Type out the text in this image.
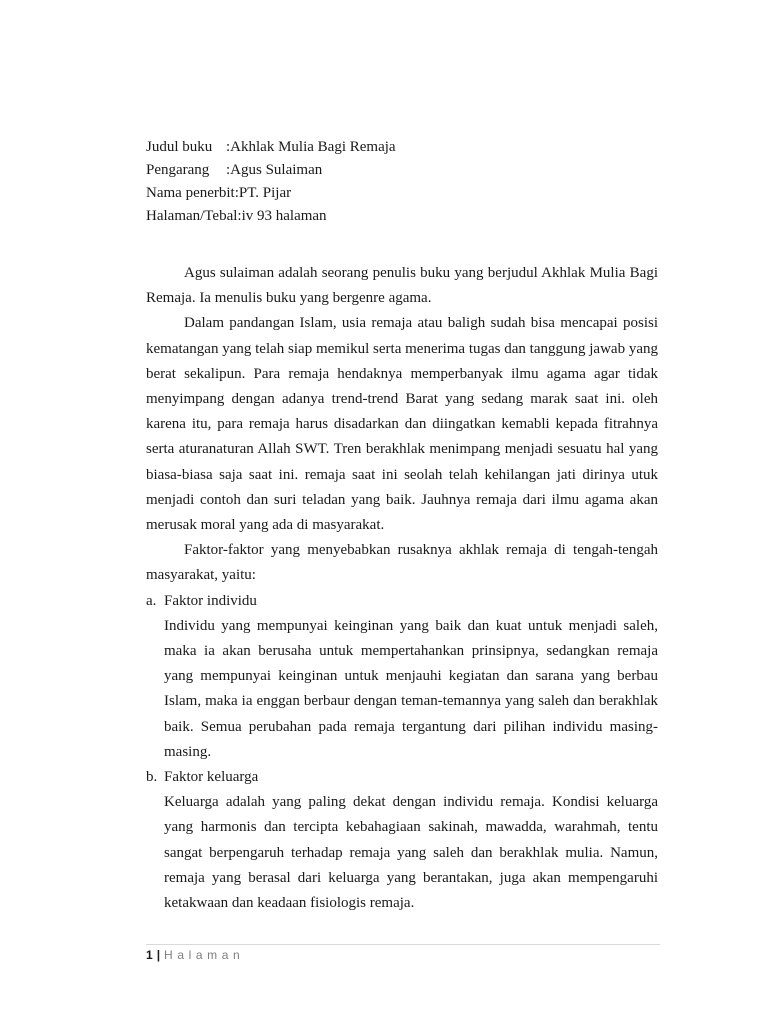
Judul buku :Akhlak Mulia Bagi Remaja
Pengarang :Agus Sulaiman
Nama penerbit:PT. Pijar
Halaman/Tebal:iv 93 halaman

Agus sulaiman adalah seorang penulis buku yang berjudul Akhlak Mulia Bagi Remaja. Ia menulis buku yang bergenre agama.

Dalam pandangan Islam, usia remaja atau baligh sudah bisa mencapai posisi kematangan yang telah siap memikul serta menerima tugas dan tanggung jawab yang berat sekalipun. Para remaja hendaknya memperbanyak ilmu agama agar tidak menyimpang dengan adanya trend-trend Barat yang sedang marak saat ini. oleh karena itu, para remaja harus disadarkan dan diingatkan kemabli kepada fitrahnya serta aturanaturan Allah SWT. Tren berakhlak menimpang menjadi sesuatu hal yang biasa-biasa saja saat ini. remaja saat ini seolah telah kehilangan jati dirinya utuk menjadi contoh dan suri teladan yang baik. Jauhnya remaja dari ilmu agama akan merusak moral yang ada di masyarakat.

Faktor-faktor yang menyebabkan rusaknya akhlak remaja di tengah-tengah masyarakat, yaitu:

a. Faktor individu

Individu yang mempunyai keinginan yang baik dan kuat untuk menjadi saleh, maka ia akan berusaha untuk mempertahankan prinsipnya, sedangkan remaja yang mempunyai keinginan untuk menjauhi kegiatan dan sarana yang berbau Islam, maka ia enggan berbaur dengan teman-temannya yang saleh dan berakhlak baik. Semua perubahan pada remaja tergantung dari pilihan individu masing-masing.

b. Faktor keluarga

Keluarga adalah yang paling dekat dengan individu remaja. Kondisi keluarga yang harmonis dan tercipta kebahagiaan sakinah, mawadda, warahmah, tentu sangat berpengaruh terhadap remaja yang saleh dan berakhlak mulia. Namun, remaja yang berasal dari keluarga yang berantakan, juga akan mempengaruhi ketakwaan dan keadaan fisiologis remaja.

1 | Halaman
